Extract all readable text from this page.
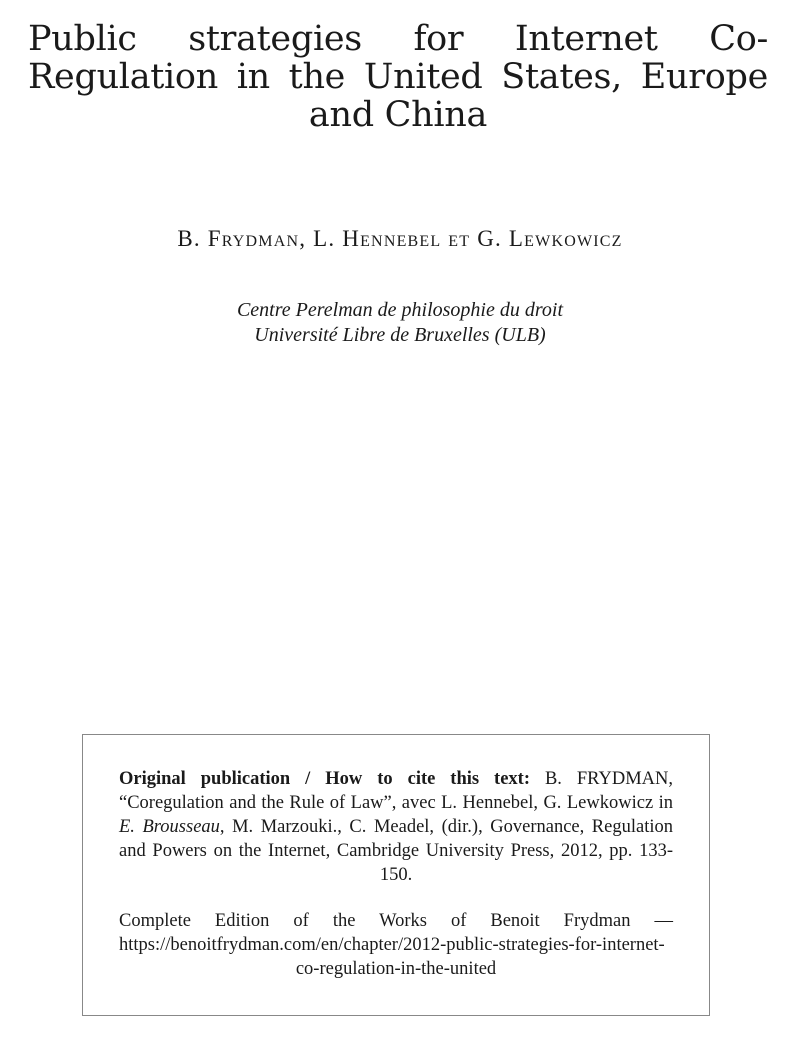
Public strategies for Internet Co-Regulation in the United States, Europe and China
B. Frydman, L. Hennebel et G. Lewkowicz
Centre Perelman de philosophie du droit
Université Libre de Bruxelles (ULB)

Original publication / How to cite this text: B. FRYDMAN, “Coregulation and the Rule of Law”, avec L. Hennebel, G. Lewkowicz in E. Brousseau, M. Marzouki., C. Meadel, (dir.), Governance, Regulation and Powers on the Internet, Cambridge University Press, 2012, pp. 133-150.

Complete Edition of the Works of Benoit Frydman — https://benoitfrydman.com/en/chapter/2012-public-strategies-for-internet-co-regulation-in-the-united
